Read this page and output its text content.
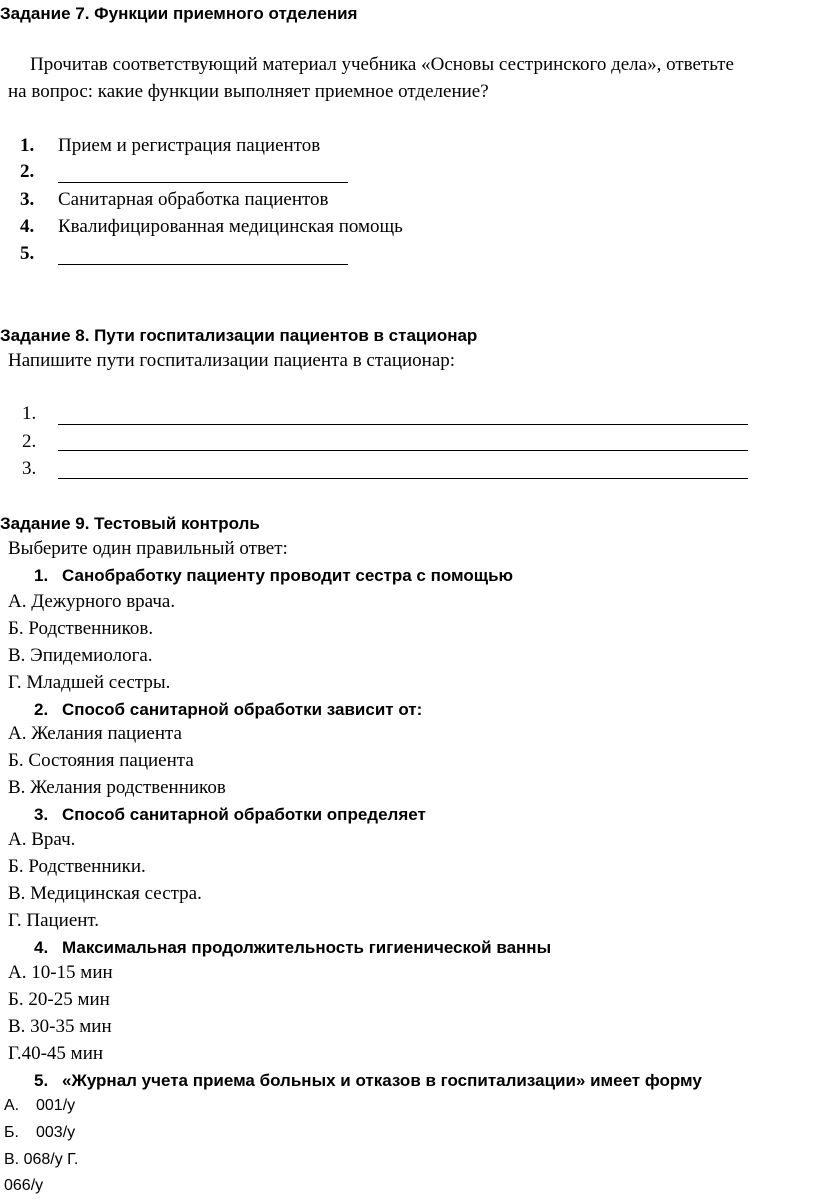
Задание 7. Функции приемного отделения
Прочитав соответствующий материал учебника «Основы сестринского дела», ответьте
на вопрос: какие функции выполняет приемное отделение?
1. Прием и регистрация пациентов
2.
3. Санитарная обработка пациентов
4. Квалифицированная медицинская помощь
5.
Задание 8. Пути госпитализации пациентов в стационар
Напишите пути госпитализации пациента в стационар:
1.
2.
3.
Задание 9. Тестовый контроль
Выберите один правильный ответ:
1. Санобработку пациенту проводит сестра с помощью
А. Дежурного врача.
Б. Родственников.
В. Эпидемиолога.
Г. Младшей сестры.
2. Способ санитарной обработки зависит от:
А. Желания пациента
Б. Состояния пациента
В. Желания родственников
3. Способ санитарной обработки определяет
А. Врач.
Б. Родственники.
В. Медицинская сестра.
Г. Пациент.
4. Максимальная продолжительность гигиенической ванны
А. 10-15 мин
Б. 20-25 мин
В. 30-35 мин
Г.40-45 мин
5. «Журнал учета приема больных и отказов в госпитализации» имеет форму
А. 001/у
Б. 003/у
В. 068/у Г.
066/у
